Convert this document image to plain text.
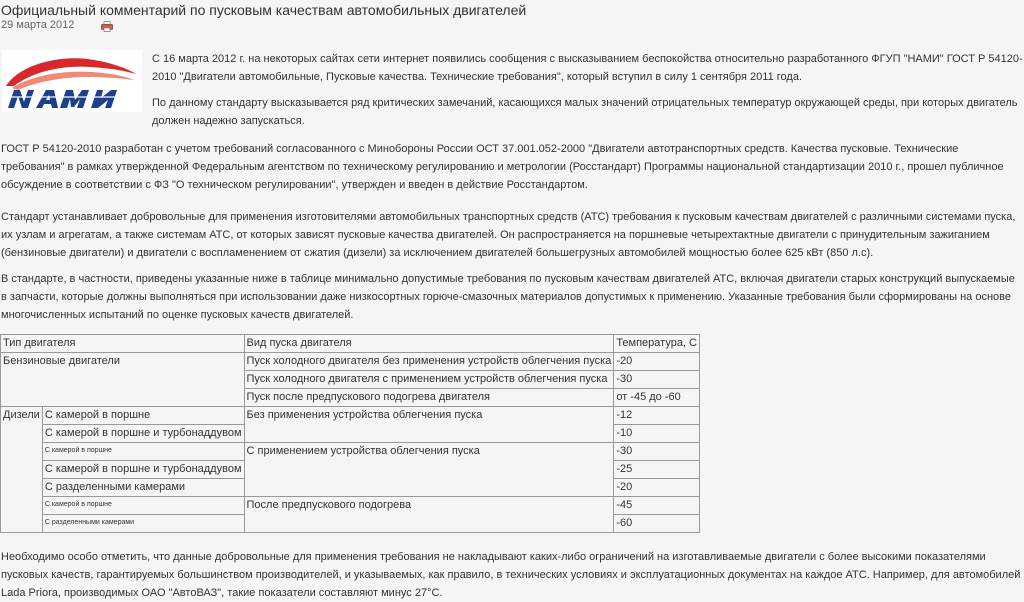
Официальный комментарий по пусковым качествам автомобильных двигателей
29 марта 2012

С 16 марта 2012 г. на некоторых сайтах сети интернет появились сообщения с высказыванием беспокойства относительно разработанного ФГУП "НАМИ" ГОСТ Р 54120-2010 "Двигатели автомобильные, Пусковые качества. Технические требования", который вступил в силу 1 сентября 2011 года.

По данному стандарту высказывается ряд критических замечаний, касающихся малых значений отрицательных температур окружающей среды, при которых двигатель должен надежно запускаться.

ГОСТ Р 54120-2010 разработан с учетом требований согласованного с Минобороны России ОСТ 37.001.052-2000 "Двигатели автотранспортных средств. Качества пусковые. Технические требования" в рамках утвержденной Федеральным агентством по техническому регулированию и метрологии (Росстандарт) Программы национальной стандартизации 2010 г., прошел публичное обсуждение в соответствии с ФЗ "О техническом регулировании", утвержден и введен в действие Росстандартом.

Стандарт устанавливает добровольные для применения изготовителями автомобильных транспортных средств (АТС) требования к пусковым качествам двигателей с различными системами пуска, их узлам и агрегатам, а также системам АТС, от которых зависят пусковые качества двигателей. Он распространяется на поршневые четырехтактные двигатели с принудительным зажиганием (бензиновые двигатели) и двигатели с воспламенением от сжатия (дизели) за исключением двигателей большегрузных автомобилей мощностью более 625 кВт (850 л.с).

В стандарте, в частности, приведены указанные ниже в таблице минимально допустимые требования по пусковым качествам двигателей АТС, включая двигатели старых конструкций выпускаемые в запчасти, которые должны выполняться при использовании даже низкосортных горюче-смазочных материалов допустимых к применению. Указанные требования были сформированы на основе многочисленных испытаний по оценке пусковых качеств двигателей.

Тип двигателя		Вид пуска двигателя	Температура, С
Бензиновые двигатели		Пуск холодного двигателя без применения устройств облегчения пуска	-20
		Пуск холодного двигателя с применением устройств облегчения пуска	-30
		Пуск после предпускового подогрева двигателя	от -45 до -60
Дизели	С камерой в поршне	Без применения устройства облегчения пуска	-12
	С камерой в поршне и турбонаддувом		-10
	С камерой в поршне	С применением устройства облегчения пуска	-30
	С камерой в поршне и турбонаддувом		-25
	С разделенными камерами		-20
	С камерой в поршне	После предпускового подогрева	-45
	С разделенными камерами		-60

Необходимо особо отметить, что данные добровольные для применения требования не накладывают каких-либо ограничений на изготавливаемые двигатели с более высокими показателями пусковых качеств, гарантируемых большинством производителей, и указываемых, как правило, в технических условиях и эксплуатационных документах на каждое АТС. Например, для автомобилей Lada Priora, производимых ОАО "АвтоВАЗ", такие показатели составляют минус 27°С.
